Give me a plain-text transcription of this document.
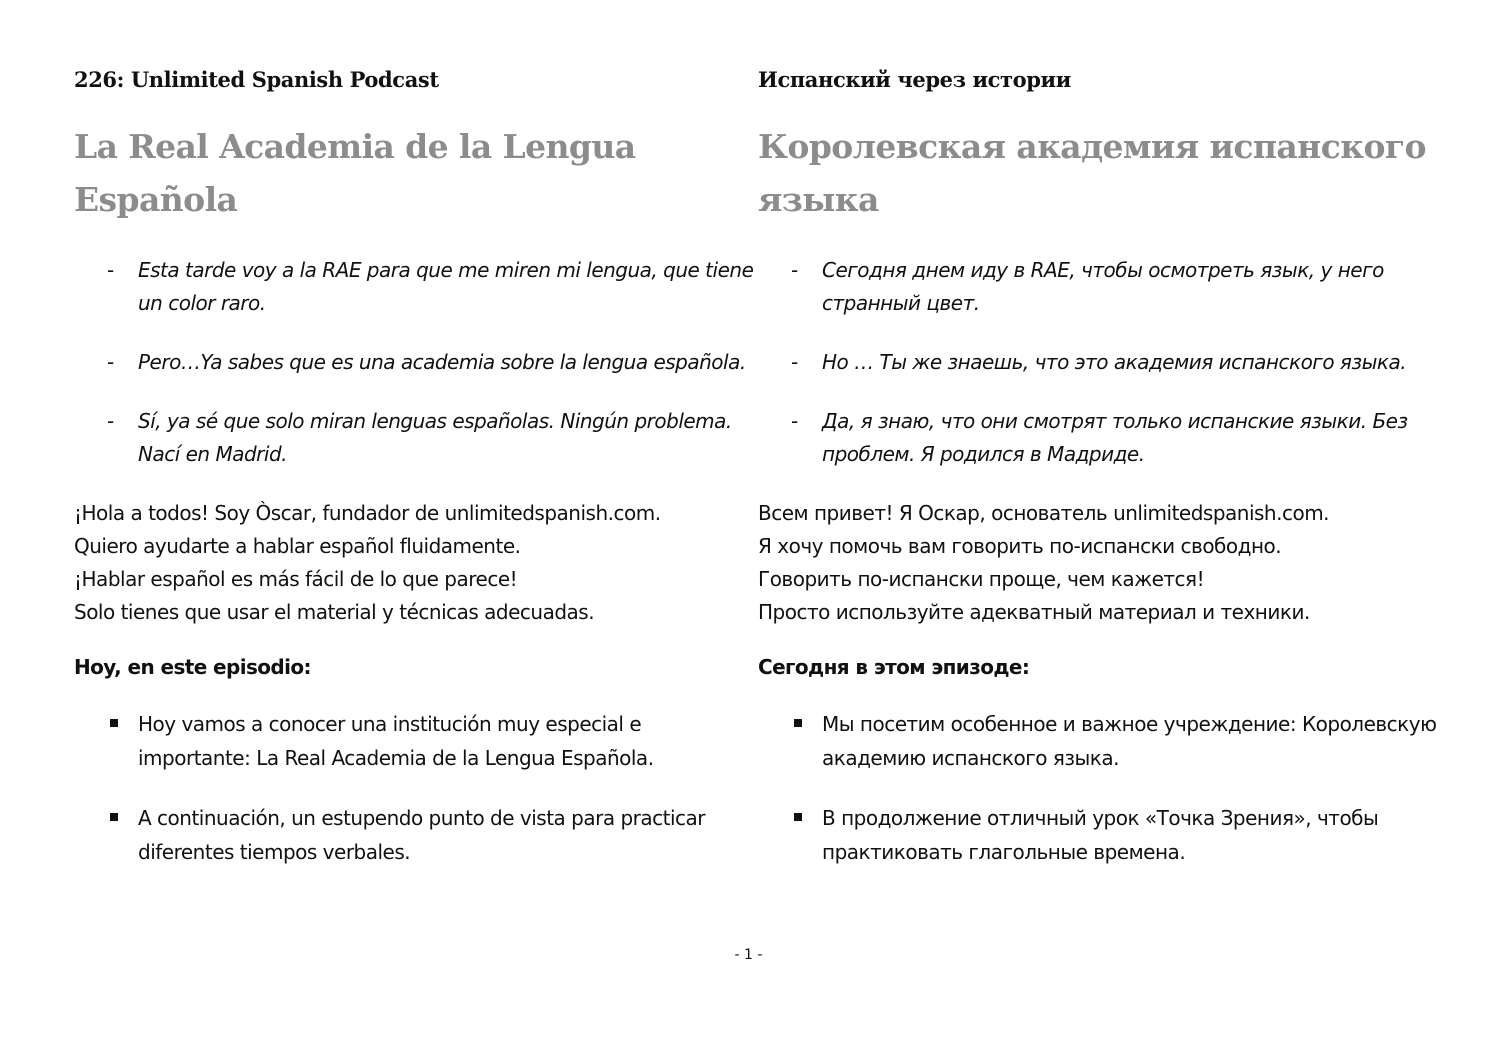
226: Unlimited Spanish Podcast
La Real Academia de la Lengua Española
- Esta tarde voy a la RAE para que me miren mi lengua, que tiene un color raro.
- Pero…Ya sabes que es una academia sobre la lengua española.
- Sí, ya sé que solo miran lenguas españolas. Ningún problema. Nací en Madrid.

¡Hola a todos! Soy Òscar, fundador de unlimitedspanish.com.

Quiero ayudarte a hablar español fluidamente.

¡Hablar español es más fácil de lo que parece!

Solo tienes que usar el material y técnicas adecuadas.

Hoy, en este episodio:
Hoy vamos a conocer una institución muy especial e importante: La Real Academia de la Lengua Española.
A continuación, un estupendo punto de vista para practicar diferentes tiempos verbales.
Испанский через истории
Королевская академия испанского языка
- Сегодня днем иду в RAE, чтобы осмотреть язык, у него странный цвет.
- Но … Ты же знаешь, что это академия испанского языка.
- Да, я знаю, что они смотрят только испанские языки. Без проблем. Я родился в Мадриде.

Всем привет! Я Оскар, основатель unlimitedspanish.com.

Я хочу помочь вам говорить по-испански свободно.

Говорить по-испански проще, чем кажется!

Просто используйте адекватный материал и техники.

Сегодня в этом эпизоде:
Мы посетим особенное и важное учреждение: Королевскую академию испанского языка.
В продолжение отличный урок «Точка Зрения», чтобы практиковать глагольные времена.
- 1 -
